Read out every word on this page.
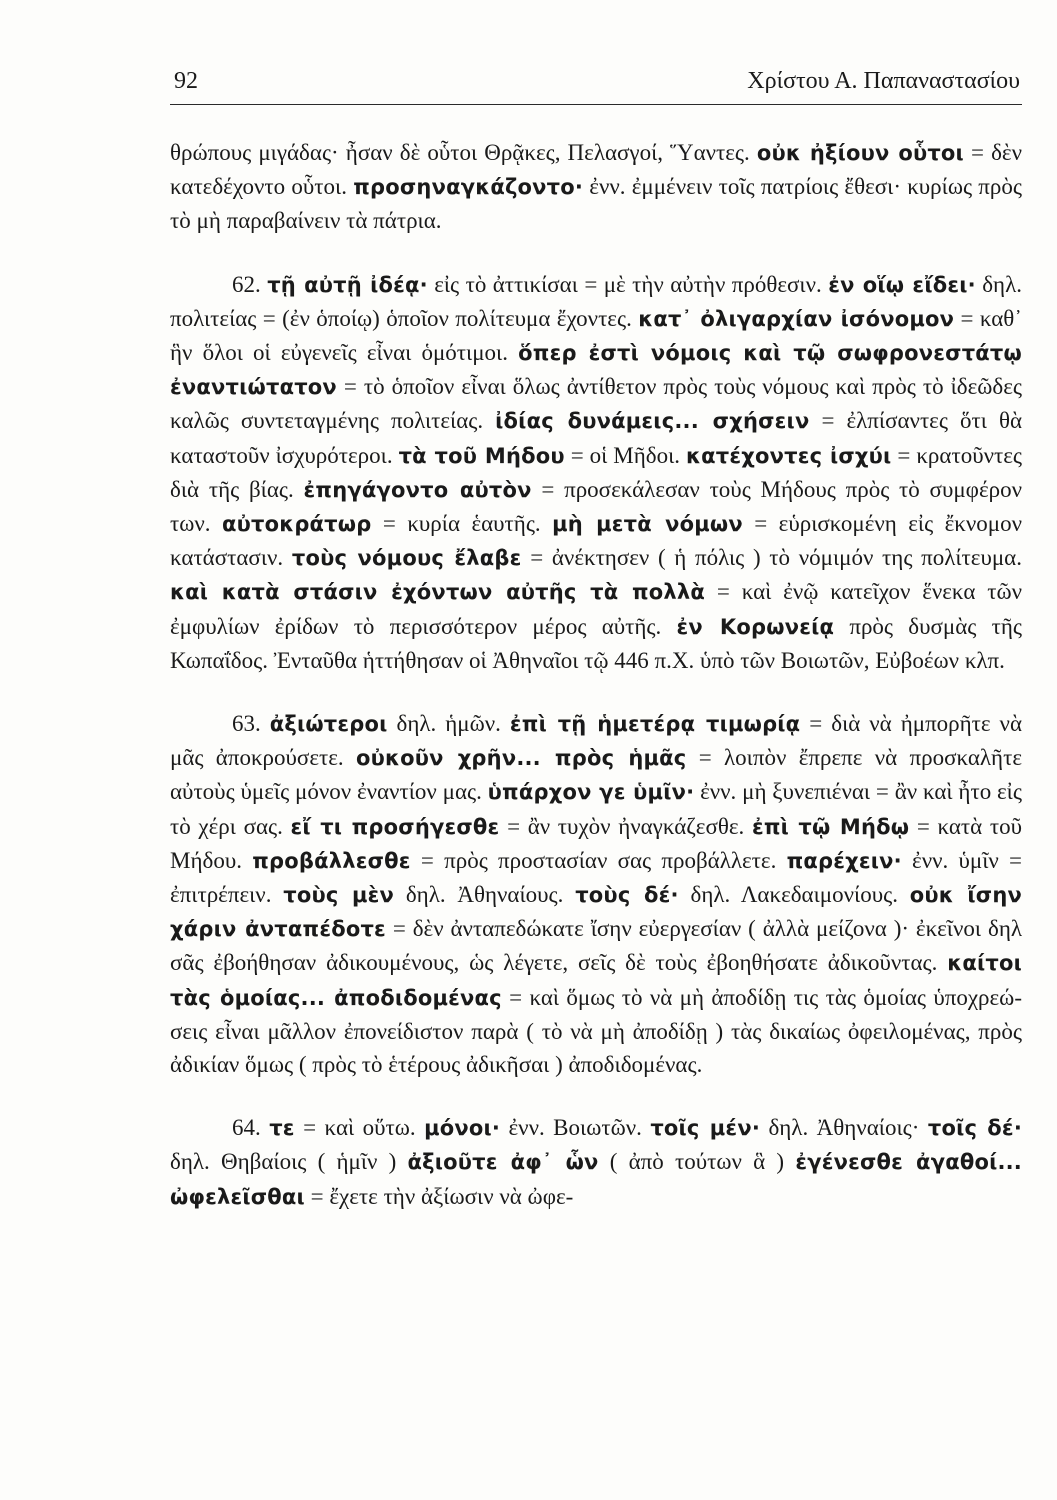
92	Χρίστου Α. Παπαναστασίου

θρώπους μιγάδας· ἦσαν δὲ οὗτοι Θρᾷκες, Πελασγοί, Ὕαντες. οὐκ ἠξίουν οὗτοι = δὲν κατεδέχοντο οὗτοι. προσηναγκάζοντο· ἐνν. ἐμμένειν τοῖς πατρίοις ἔθεσι· κυρίως πρὸς τὸ μὴ παραβαίνειν τὰ πάτρια.

62. τῇ αὐτῇ ἰδέᾳ· εἰς τὸ ἀττικίσαι = μὲ τὴν αὐτὴν πρόθεσιν. ἐν οἵῳ εἴδει· δηλ. πολιτείας = (ἐν ὁποίῳ) ὁποῖον πολίτευμα ἔχοντες. κατ᾽ ὀλιγαρχίαν ἰσόνομον = καθ᾽ ἣν ὅλοι οἱ εὐγενεῖς εἶναι ὁμότιμοι. ὅπερ ἐστὶ νόμοις καὶ τῷ σωφρονεστάτῳ ἐναντιώτατον = τὸ ὁποῖον εἶναι ὅλως ἀντίθετον πρὸς τοὺς νόμους καὶ πρὸς τὸ ἰδεῶδες καλῶς συντεταγμένης πολιτείας. ἰδίας δυνάμεις... σχήσειν = ἐλπίσαντες ὅτι θὰ καταστοῦν ἰσχυρότεροι. τὰ τοῦ Μήδου = οἱ Μῆδοι. κατέχοντες ἰσχύι = κρατοῦντες διὰ τῆς βίας. ἐπηγάγοντο αὐτὸν = προσεκάλεσαν τοὺς Μήδους πρὸς τὸ συμφέρον των. αὐτοκράτωρ = κυρία ἑαυτῆς. μὴ μετὰ νόμων = εὑρισκομένη εἰς ἔκνομον κατάστασιν. τοὺς νόμους ἔλαβε = ἀνέκτησεν ( ἡ πόλις ) τὸ νόμιμόν της πολίτευμα. καὶ κατὰ στάσιν ἐχόντων αὐτῆς τὰ πολλὰ = καὶ ἐνῷ κατεῖχον ἕνεκα τῶν ἐμφυλίων ἐρίδων τὸ περισσότερον μέρος αὐτῆς. ἐν Κορωνείᾳ πρὸς δυσμὰς τῆς Κωπαΐδος. Ἐνταῦθα ἡττήθησαν οἱ Ἀθηναῖοι τῷ 446 π.Χ. ὑπὸ τῶν Βοιωτῶν, Εὐβοέων κλπ.

63. ἀξιώτεροι δηλ. ἡμῶν. ἐπὶ τῇ ἡμετέρᾳ τιμωρίᾳ = διὰ νὰ ἠμπορῆτε νὰ μᾶς ἀποκρούσετε. οὐκοῦν χρῆν... πρὸς ἡμᾶς = λοιπὸν ἔπρεπε νὰ προσκαλῆτε αὐτοὺς ὑμεῖς μόνον ἐναντίον μας. ὑπάρχον γε ὑμῖν· ἐνν. μὴ ξυνεπιέναι = ἂν καὶ ἦτο εἰς τὸ χέρι σας. εἴ τι προσήγεσθε = ἂν τυχὸν ἠναγκάζεσθε. ἐπὶ τῷ Μήδῳ = κατὰ τοῦ Μήδου. προβάλλεσθε = πρὸς προστασίαν σας προβάλλετε. παρέχειν· ἐνν. ὑμῖν = ἐπιτρέπειν. τοὺς μὲν δηλ. Ἀθηναίους. τοὺς δέ· δηλ. Λακεδαιμονίους. οὐκ ἴσην χάριν ἀνταπέδοτε = δὲν ἀνταπεδώκατε ἴσην εὐεργεσίαν ( ἀλλὰ μείζονα )· ἐκεῖνοι δηλ σᾶς ἐβοήθησαν ἀδικουμένους, ὡς λέγετε, σεῖς δὲ τοὺς ἐβοηθήσατε ἀδικοῦντας. καίτοι τὰς ὁμοίας... ἀποδιδομένας = καὶ ὅμως τὸ νὰ μὴ ἀποδίδῃ τις τὰς ὁμοίας ὑποχρεώσεις εἶναι μᾶλλον ἐπονείδιστον παρὰ ( τὸ νὰ μὴ ἀποδίδῃ ) τὰς δικαίως ὀφειλομένας, πρὸς ἀδικίαν ὅμως ( πρὸς τὸ ἑτέρους ἀδικῆσαι ) ἀποδιδομένας.

64. τε = καὶ οὕτω. μόνοι· ἐνν. Βοιωτῶν. τοῖς μέν· δηλ. Ἀθηναίοις· τοῖς δέ· δηλ. Θηβαίοις ( ἡμῖν ) ἀξιοῦτε ἀφ᾽ ὧν ( ἀπὸ τούτων ἃ ) ἐγένεσθε ἀγαθοί... ὠφελεῖσθαι = ἔχετε τὴν ἀξίωσιν νὰ ὠφε-
